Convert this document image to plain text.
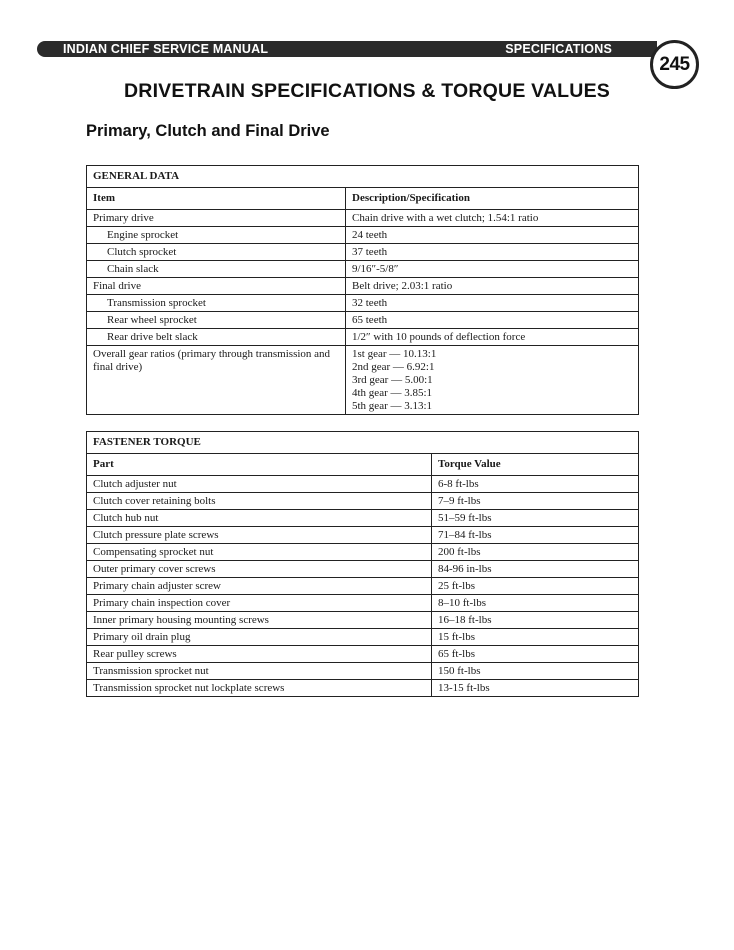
INDIAN CHIEF SERVICE MANUAL	SPECIFICATIONS
245
DRIVETRAIN SPECIFICATIONS & TORQUE VALUES
Primary, Clutch and Final Drive
GENERAL DATA	
Item	Description/Specification
Primary drive	Chain drive with a wet clutch; 1.54:1 ratio
Engine sprocket	24 teeth
Clutch sprocket	37 teeth
Chain slack	9/16″-5/8″
Final drive	Belt drive; 2.03:1 ratio
Transmission sprocket	32 teeth
Rear wheel sprocket	65 teeth
Rear drive belt slack	1/2″ with 10 pounds of deflection force
Overall gear ratios (primary through transmission and final drive)	1st gear — 10.13:1
2nd gear — 6.92:1
3rd gear — 5.00:1
4th gear — 3.85:1
5th gear — 3.13:1
FASTENER TORQUE	
Part	Torque Value
Clutch adjuster nut	6-8 ft-lbs
Clutch cover retaining bolts	7–9 ft-lbs
Clutch hub nut	51–59 ft-lbs
Clutch pressure plate screws	71–84 ft-lbs
Compensating sprocket nut	200 ft-lbs
Outer primary cover screws	84-96 in-lbs
Primary chain adjuster screw	25 ft-lbs
Primary chain inspection cover	8–10 ft-lbs
Inner primary housing mounting screws	16–18 ft-lbs
Primary oil drain plug	15 ft-lbs
Rear pulley screws	65 ft-lbs
Transmission sprocket nut	150 ft-lbs
Transmission sprocket nut lockplate screws	13-15 ft-lbs
